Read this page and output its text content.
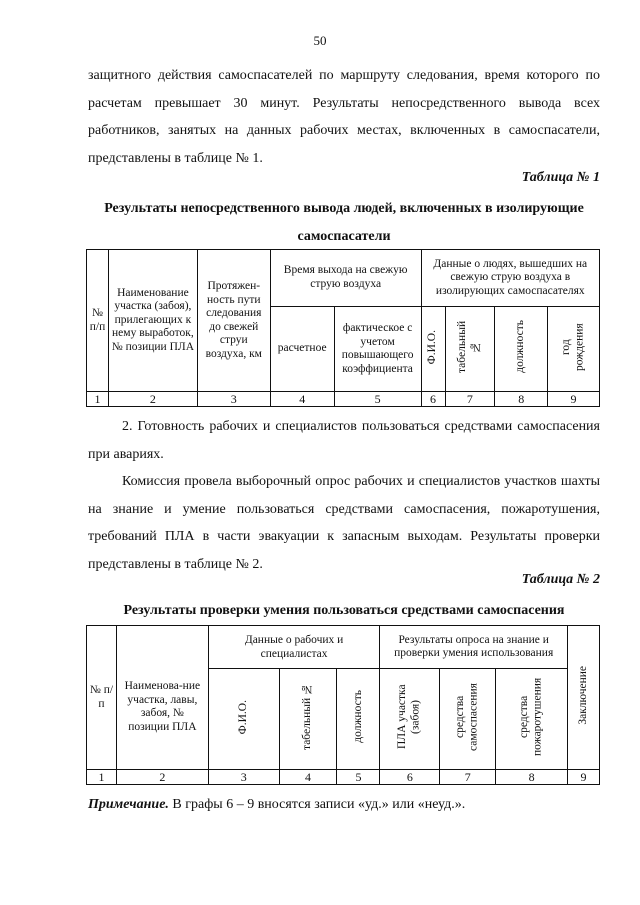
50

защитного действия самоспасателей по маршруту следования, время которого по расчетам превышает 30 минут. Результаты непосредственного вывода всех работников, занятых на данных рабочих местах, включенных в самоспасатели, представлены в таблице № 1.

Таблица № 1

Результаты непосредственного вывода людей, включенных в изолирующие самоспасатели

№ п/п	Наименование участка (забоя), прилегающих к нему выработок, № позиции ПЛА	Протяжен-ность пути следования до свежей струи воздуха, км	Время выхода на свежую струю воздуха		Данные о людях, вышедших на свежую струю воздуха в изолирующих самоспасателях			
			расчетное	фактическое с учетом повышающего коэффициента	Ф.И.О.	табельный №	должность	год рождения
1	2	3	4	5	6	7	8	9

2. Готовность рабочих и специалистов пользоваться средствами самоспасения при авариях.

Комиссия провела выборочный опрос рабочих и специалистов участков шахты на знание и умение пользоваться средствами самоспасения, пожаротушения, требований ПЛА в части эвакуации к запасным выходам. Результаты проверки представлены в таблице № 2.

Таблица № 2

Результаты проверки умения пользоваться средствами самоспасения

№ п/п	Наименова-ние участка, лавы, забоя, № позиции ПЛА	Данные о рабочих и специалистах			Результаты опроса на знание и проверки умения использования			Заключение
		Ф.И.О.	табельный №	должность	ПЛА участка (забоя)	средства самоспасения	средства пожаротушения	
1	2	3	4	5	6	7	8	9
Примечание. В графы 6 – 9 вносятся записи «уд.» или «неуд.».
